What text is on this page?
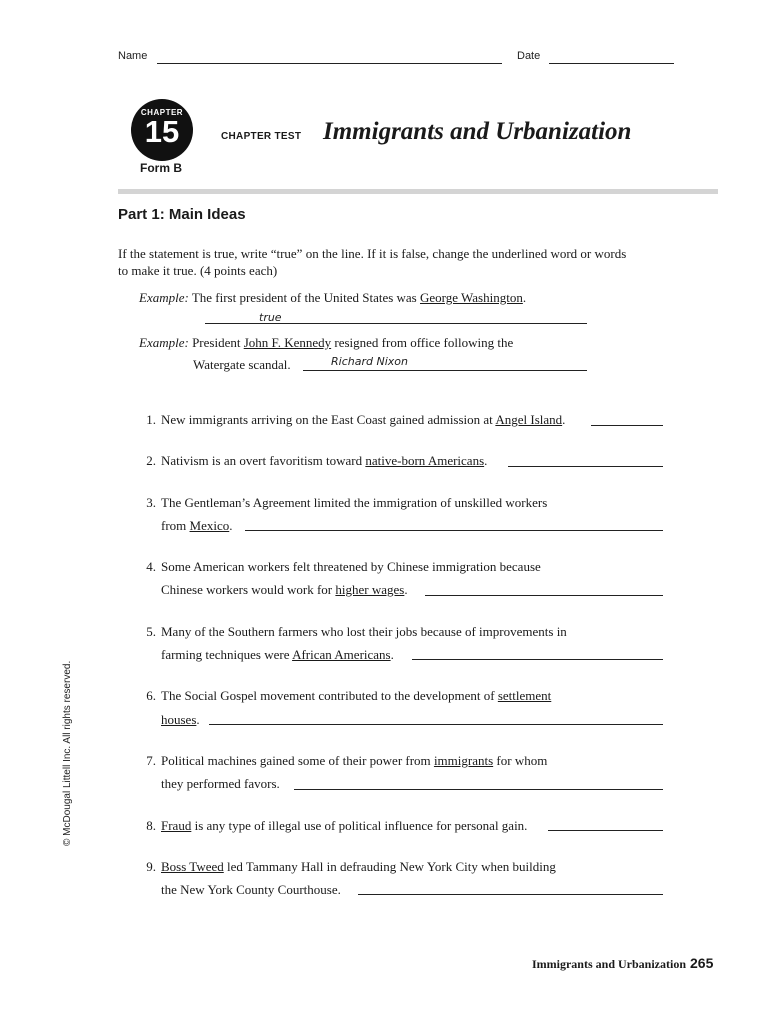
Name	Date
CHAPTER
15
Form B
CHAPTER TEST Immigrants and Urbanization
Part 1: Main Ideas
If the statement is true, write “true” on the line. If it is false, change the underlined word or words to make it true. (4 points each)
Example: The first president of the United States was George Washington.
true
Example: President John F. Kennedy resigned from office following the
Watergate scandal.	Richard Nixon
1. New immigrants arriving on the East Coast gained admission at Angel Island.
2. Nativism is an overt favoritism toward native-born Americans.
3. The Gentleman’s Agreement limited the immigration of unskilled workers
from Mexico.
4. Some American workers felt threatened by Chinese immigration because
Chinese workers would work for higher wages.
5. Many of the Southern farmers who lost their jobs because of improvements in
farming techniques were African Americans.
6. The Social Gospel movement contributed to the development of settlement
houses.
7. Political machines gained some of their power from immigrants for whom
they performed favors.
8. Fraud is any type of illegal use of political influence for personal gain.
9. Boss Tweed led Tammany Hall in defrauding New York City when building
the New York County Courthouse.
© McDougal Littell Inc. All rights reserved.
Immigrants and Urbanization 265
